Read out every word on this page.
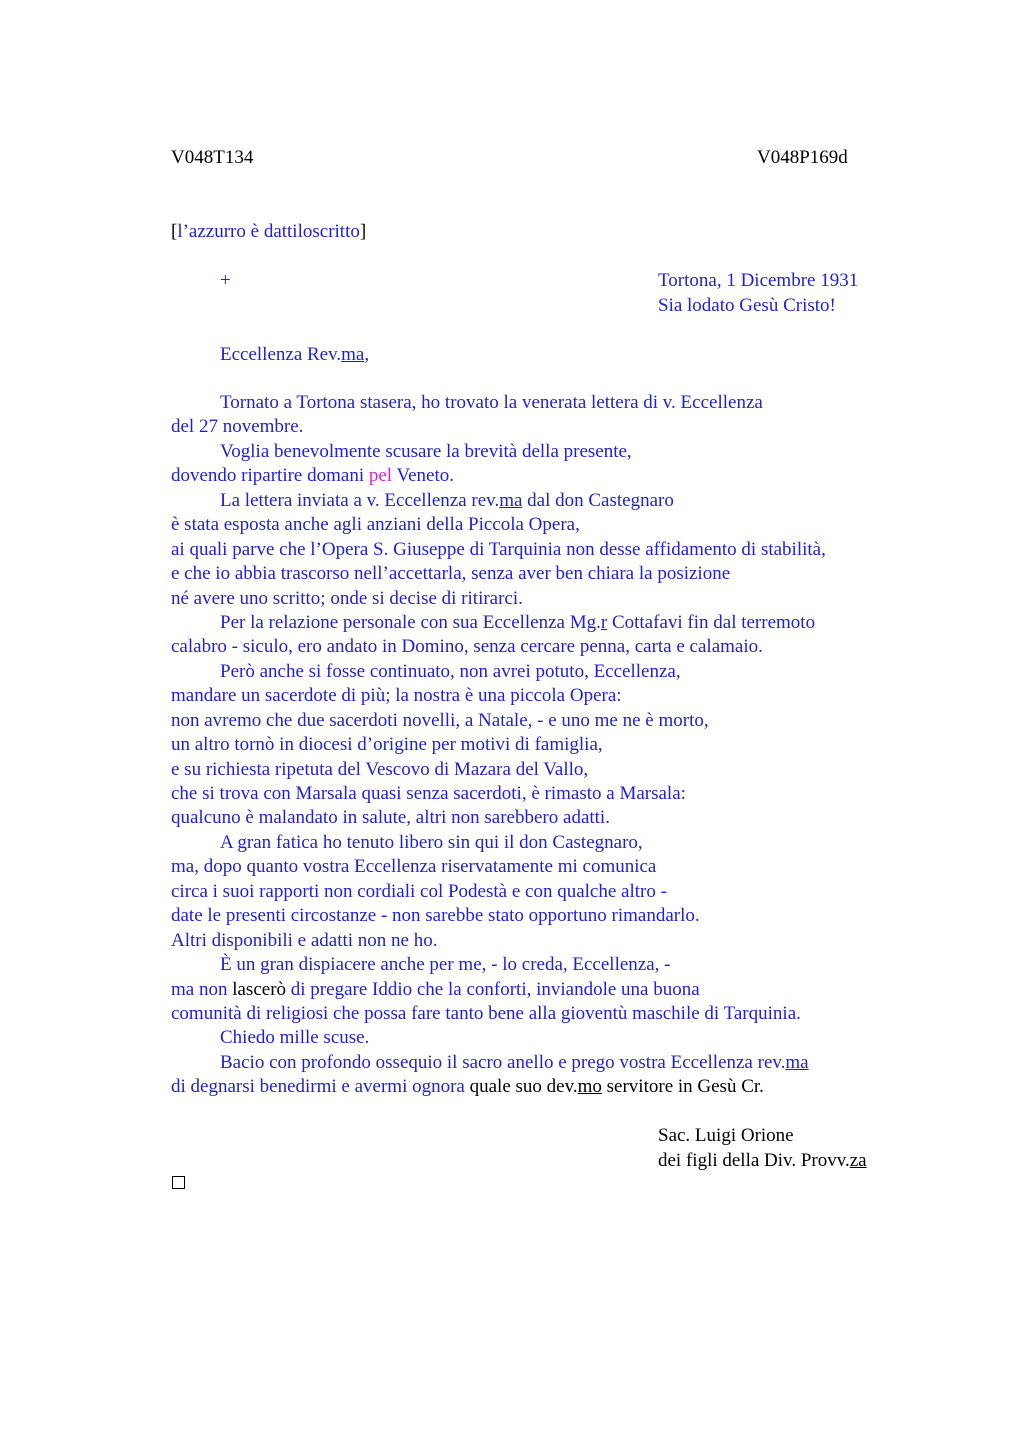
V048T134	V048P169d
[l’azzurro è dattiloscritto]
+	Tortona, 1 Dicembre 1931
Sia lodato Gesù Cristo!
Eccellenza Rev.ma,
Tornato a Tortona stasera, ho trovato la venerata lettera di v. Eccellenza
del 27 novembre.
Voglia benevolmente scusare la brevità della presente,
dovendo ripartire domani pel Veneto.
La lettera inviata a v. Eccellenza rev.ma dal don Castegnaro
è stata esposta anche agli anziani della Piccola Opera,
ai quali parve che l’Opera S. Giuseppe di Tarquinia non desse affidamento di stabilità,
e che io abbia trascorso nell’accettarla, senza aver ben chiara la posizione
né avere uno scritto; onde si decise di ritirarci.
Per la relazione personale con sua Eccellenza Mg.r Cottafavi fin dal terremoto
calabro - siculo, ero andato in Domino, senza cercare penna, carta e calamaio.
Però anche si fosse continuato, non avrei potuto, Eccellenza,
mandare un sacerdote di più; la nostra è una piccola Opera:
non avremo che due sacerdoti novelli, a Natale, - e uno me ne è morto,
un altro tornò in diocesi d’origine per motivi di famiglia,
e su richiesta ripetuta del Vescovo di Mazara del Vallo,
che si trova con Marsala quasi senza sacerdoti, è rimasto a Marsala:
qualcuno è malandato in salute, altri non sarebbero adatti.
A gran fatica ho tenuto libero sin qui il don Castegnaro,
ma, dopo quanto vostra Eccellenza riservatamente mi comunica
circa i suoi rapporti non cordiali col Podestà e con qualche altro -
date le presenti circostanze - non sarebbe stato opportuno rimandarlo.
Altri disponibili e adatti non ne ho.
È un gran dispiacere anche per me, - lo creda, Eccellenza, -
ma non lascerò di pregare Iddio che la conforti, inviandole una buona
comunità di religiosi che possa fare tanto bene alla gioventù maschile di Tarquinia.
Chiedo mille scuse.
Bacio con profondo ossequio il sacro anello e prego vostra Eccellenza rev.ma
di degnarsi benedirmi e avermi ognora quale suo dev.mo servitore in Gesù Cr.
Sac. Luigi Orione
dei figli della Div. Provv.za
